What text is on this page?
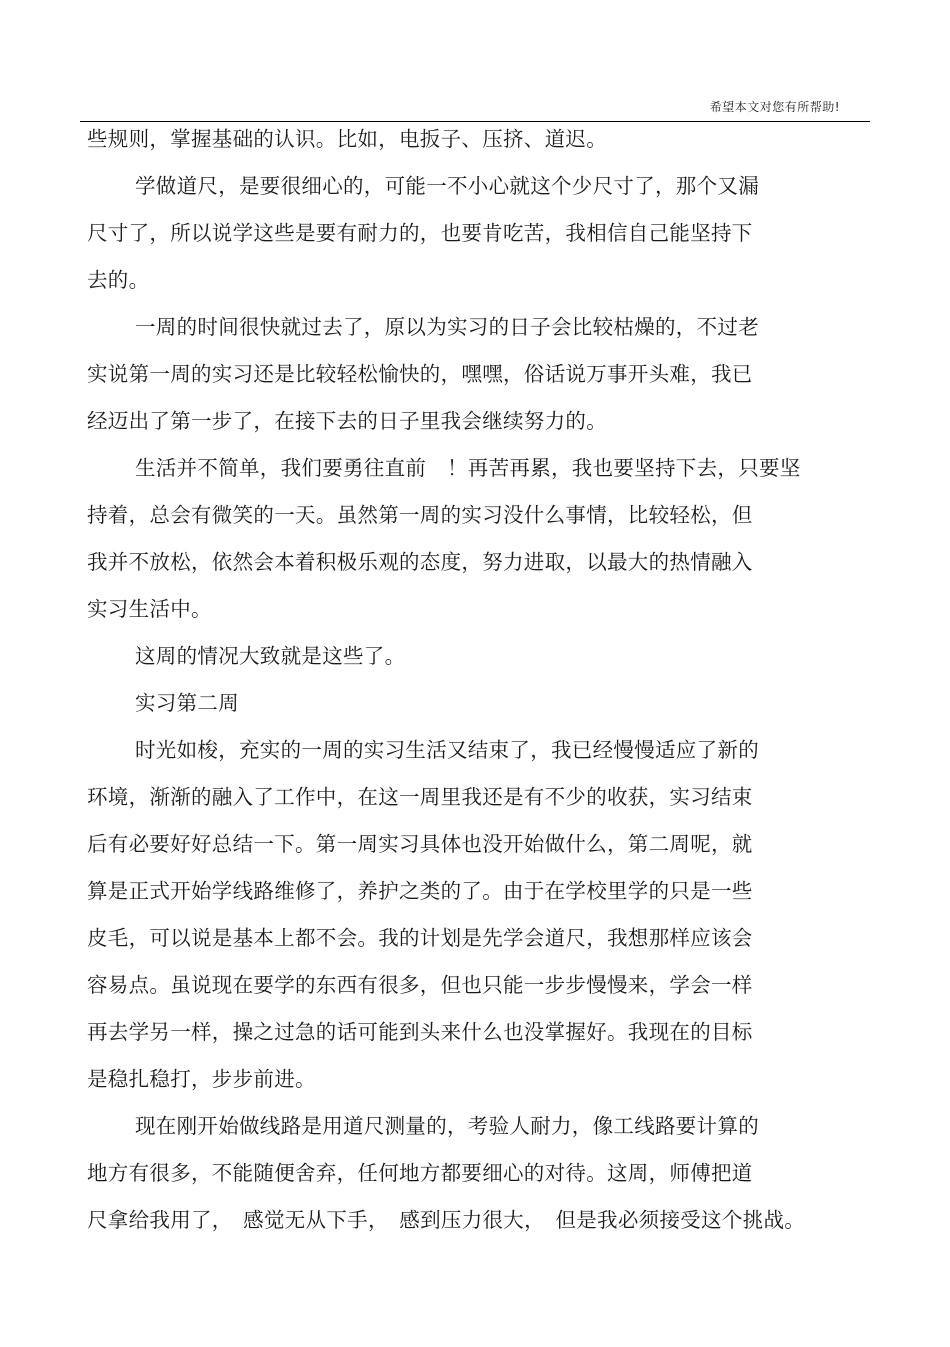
希望本文对您有所帮助!
些规则，掌握基础的认识。比如，电扳子、压挤、道迟。
学做道尺，是要很细心的，可能一不小心就这个少尺寸了，那个又漏
尺寸了，所以说学这些是要有耐力的，也要肯吃苦，我相信自己能坚持下
去的。
一周的时间很快就过去了，原以为实习的日子会比较枯燥的，不过老
实说第一周的实习还是比较轻松愉快的，嘿嘿，俗话说万事开头难，我已
经迈出了第一步了，在接下去的日子里我会继续努力的。
生活并不简单，我们要勇往直前　！再苦再累，我也要坚持下去，只要坚
持着，总会有微笑的一天。虽然第一周的实习没什么事情，比较轻松，但
我并不放松，依然会本着积极乐观的态度，努力进取，以最大的热情融入
实习生活中。
这周的情况大致就是这些了。
实习第二周
时光如梭，充实的一周的实习生活又结束了，我已经慢慢适应了新的
环境，渐渐的融入了工作中，在这一周里我还是有不少的收获，实习结束
后有必要好好总结一下。第一周实习具体也没开始做什么，第二周呢，就
算是正式开始学线路维修了，养护之类的了。由于在学校里学的只是一些
皮毛，可以说是基本上都不会。我的计划是先学会道尺，我想那样应该会
容易点。虽说现在要学的东西有很多，但也只能一步步慢慢来，学会一样
再去学另一样，操之过急的话可能到头来什么也没掌握好。我现在的目标
是稳扎稳打，步步前进。
现在刚开始做线路是用道尺测量的，考验人耐力，像工线路要计算的
地方有很多，不能随便舍弃，任何地方都要细心的对待。这周，师傅把道
尺拿给我用了，　感觉无从下手，　感到压力很大，　但是我必须接受这个挑战。
